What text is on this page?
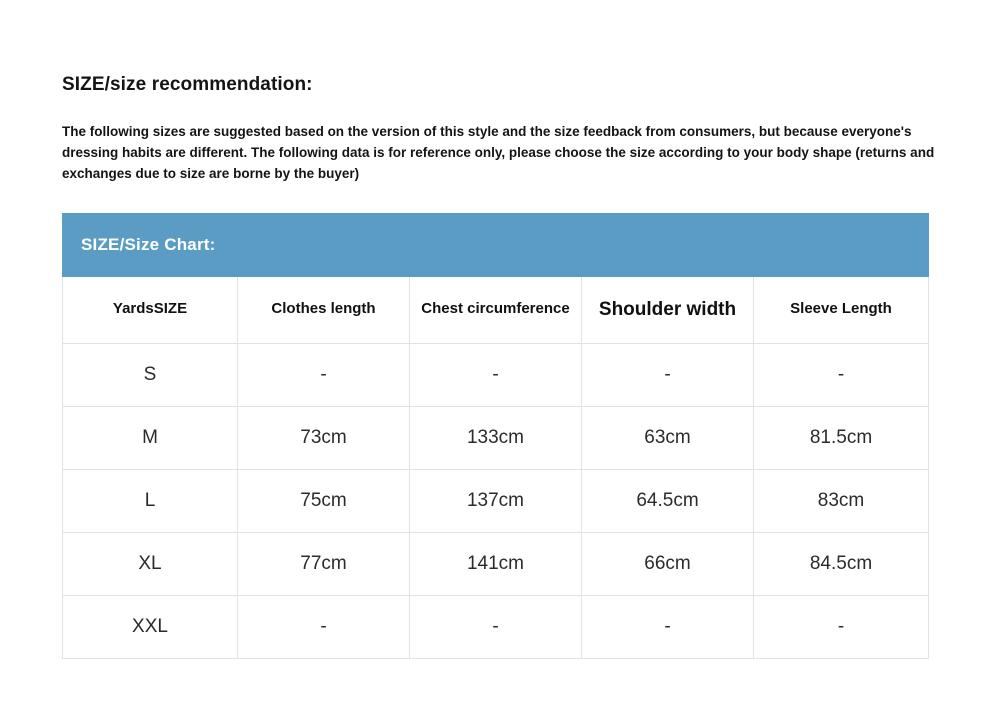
SIZE/size recommendation:

The following sizes are suggested based on the version of this style and the size feedback from consumers, but because everyone's dressing habits are different. The following data is for reference only, please choose the size according to your body shape (returns and exchanges due to size are borne by the buyer)

SIZE/Size Chart:				

YardsSIZE	Clothes length	Chest circumference	Shoulder width	Sleeve Length

S	-	-	-	-
M	73cm	133cm	63cm	81.5cm
L	75cm	137cm	64.5cm	83cm
XL	77cm	141cm	66cm	84.5cm
XXL	-	-	-	-
